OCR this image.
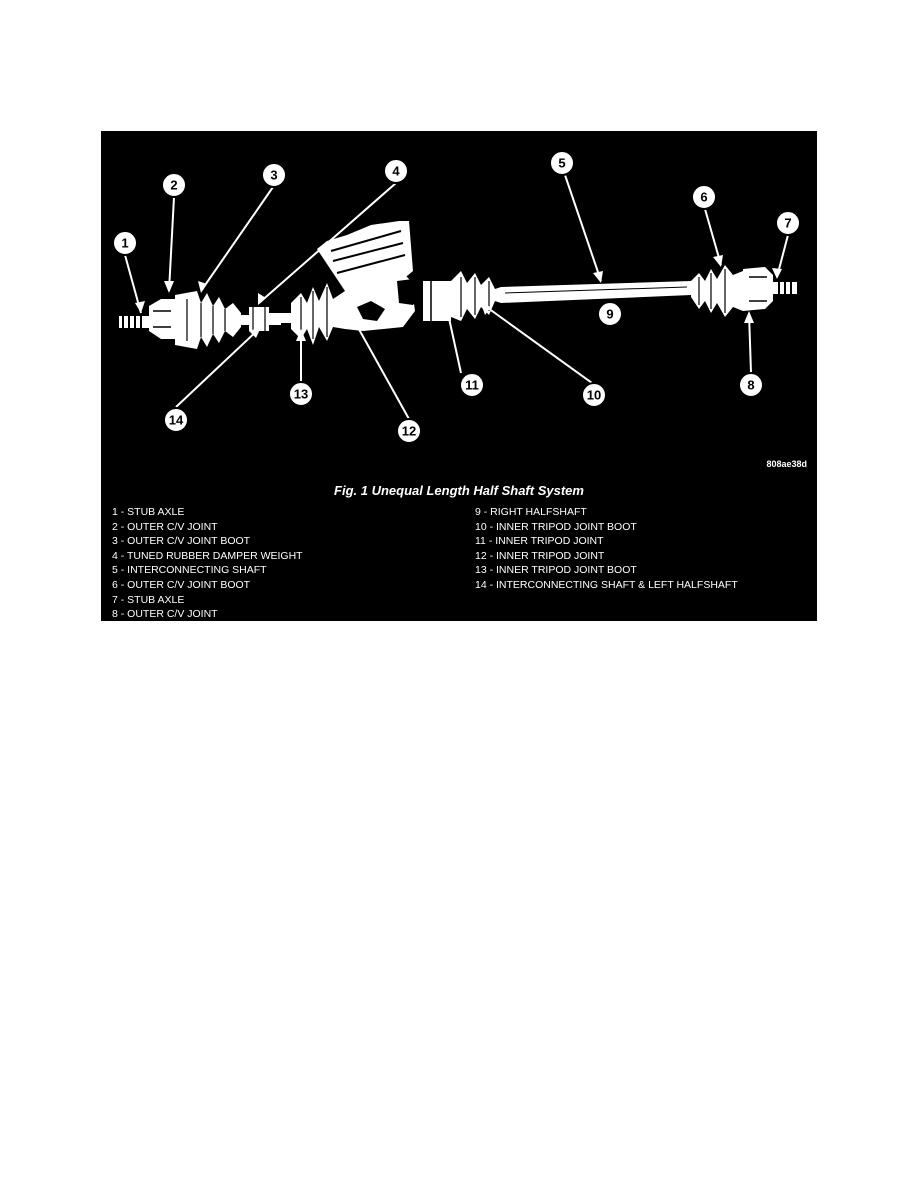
1
2
3	4
5
6
7
8
9
10
11
12
13
14
808ae38d
Fig. 1 Unequal Length Half Shaft System
1 - STUB AXLE
2 - OUTER C/V JOINT
3 - OUTER C/V JOINT BOOT
4 - TUNED RUBBER DAMPER WEIGHT
5 - INTERCONNECTING SHAFT
6 - OUTER C/V JOINT BOOT
7 - STUB AXLE
8 - OUTER C/V JOINT
9 - RIGHT HALFSHAFT
10 - INNER TRIPOD JOINT BOOT
11 - INNER TRIPOD JOINT
12 - INNER TRIPOD JOINT
13 - INNER TRIPOD JOINT BOOT
14 - INTERCONNECTING SHAFT & LEFT HALFSHAFT
